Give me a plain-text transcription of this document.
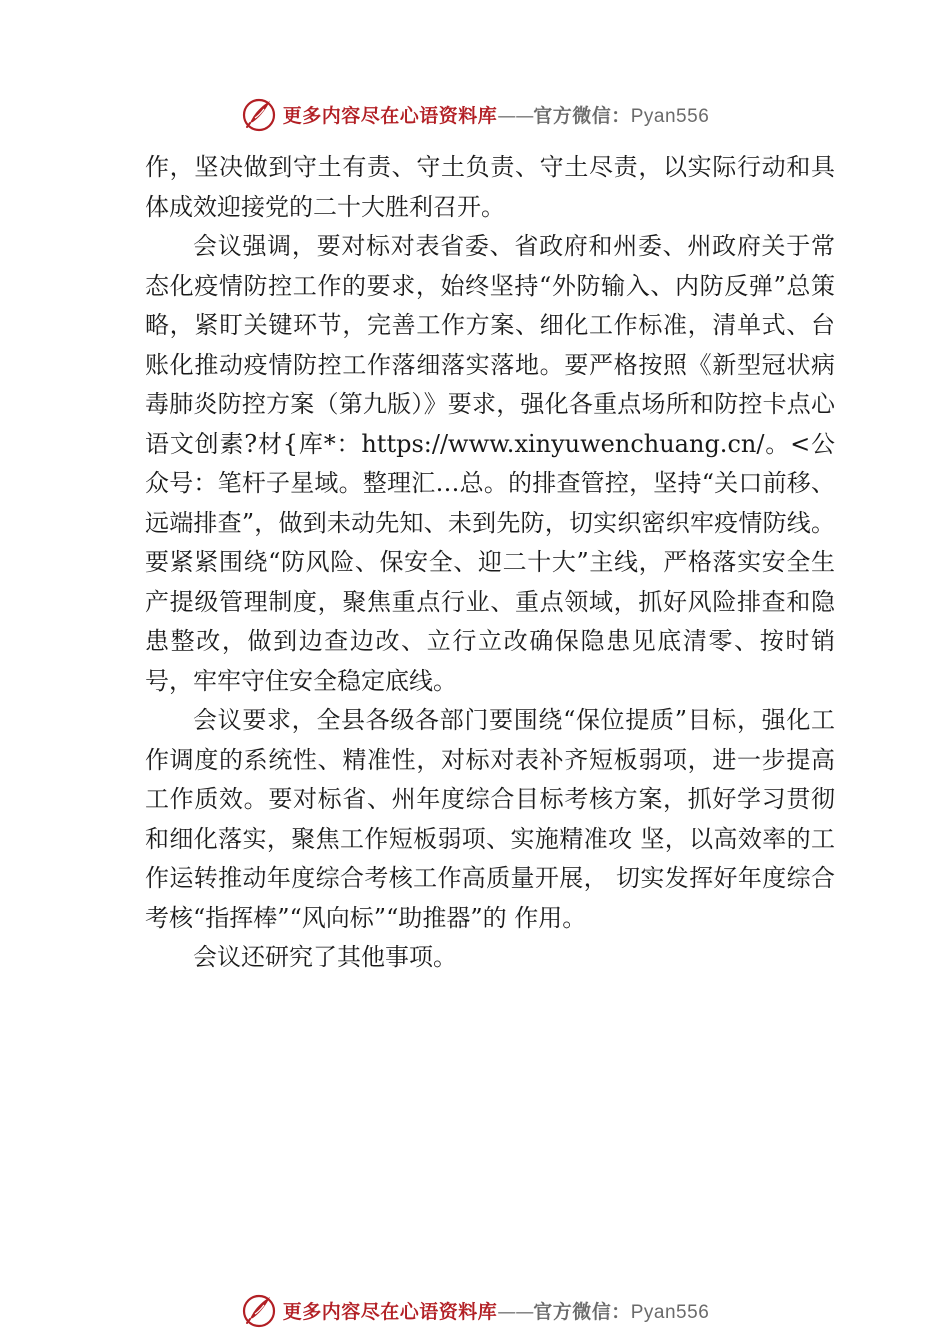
更多内容尽在心语资料库 —— 官方微信： Pyan556

作，坚决做到守土有责、守土负责、守土尽责，以实际行动和具体成效迎接党的二十大胜利召开。

会议强调，要对标对表省委、省政府和州委、州政府关于常态化疫情防控工作的要求，始终坚持“外防输入、内防反弹”总策略，紧盯关键环节，完善工作方案、细化工作标准，清单式、台账化推动疫情防控工作落细落实落地。要严格按照《新型冠状病毒肺炎防控方案（第九版）》要求，强化各重点场所和防控卡点心语文创素?材{库*：https://www.xinyuwenchuang.cn/。<公众号：笔杆子星域。整理汇…总。的排查管控，坚持“关口前移、远端排查”，做到未动先知、未到先防，切实织密织牢疫情防线。要紧紧围绕“防风险、保安全、迎二十大”主线，严格落实安全生产提级管理制度，聚焦重点行业、重点领域，抓好风险排查和隐患整改，做到边查边改、立行立改确保隐患见底清零、按时销号，牢牢守住安全稳定底线。

会议要求，全县各级各部门要围绕“保位提质”目标，强化工作调度的系统性、精准性，对标对表补齐短板弱项，进一步提高工作质效。要对标省、州年度综合目标考核方案，抓好学习贯彻和细化落实，聚焦工作短板弱项、实施精准攻 坚，以高效率的工作运转推动年度综合考核工作高质量开展， 切实发挥好年度综合考核“指挥棒”“风向标”“助推器”的 作用。

会议还研究了其他事项。

更多内容尽在心语资料库 —— 官方微信： Pyan556
